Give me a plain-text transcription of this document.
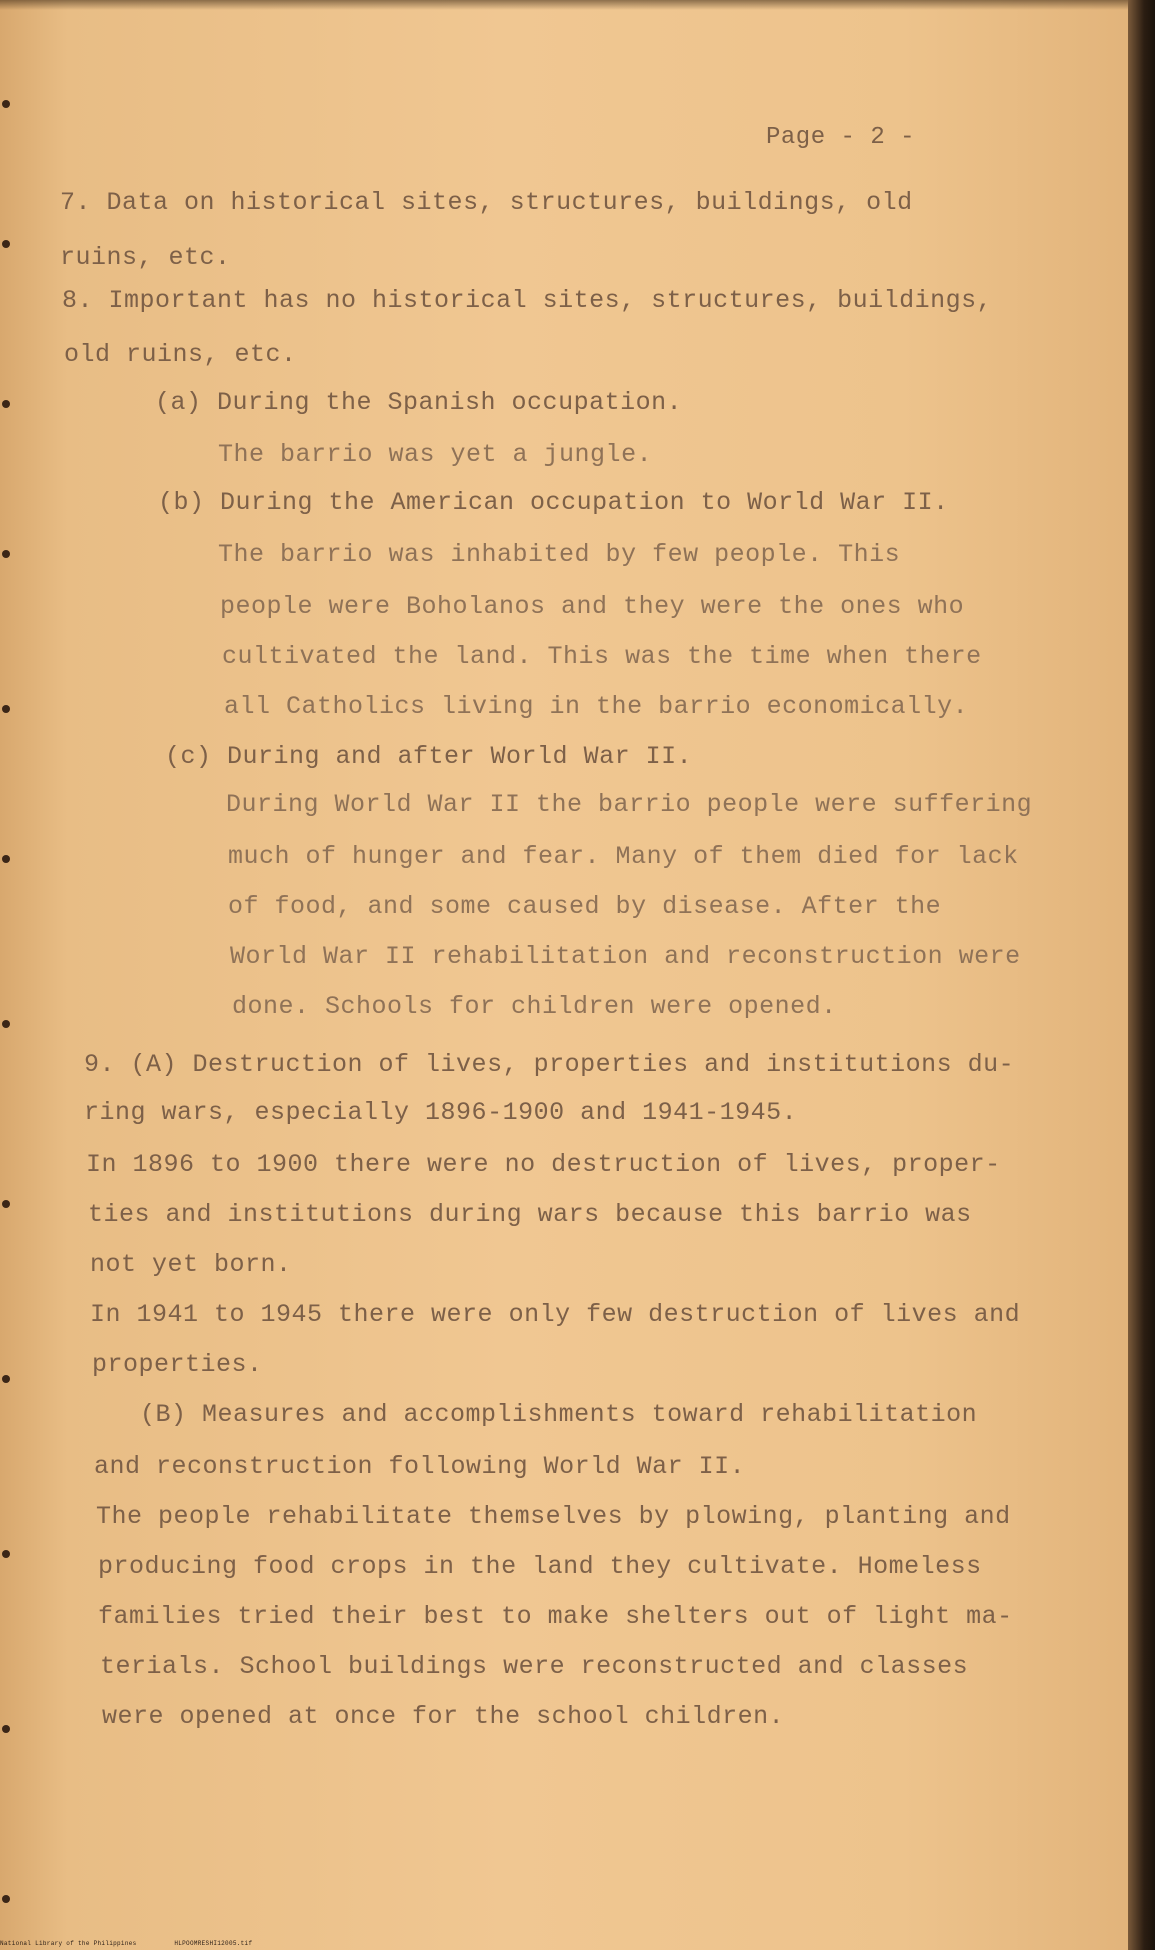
Page - 2 -
7. Data on historical sites, structures, buildings, old
ruins, etc.
8. Important has no historical sites, structures, buildings,
old ruins, etc.
(a) During the Spanish occupation.
The barrio was yet a jungle.
(b) During the American occupation to World War II.
The barrio was inhabited by few people. This
people were Boholanos and they were the ones who
cultivated the land. This was the time when there
all Catholics living in the barrio economically.
(c) During and after World War II.
During World War II the barrio people were suffering
much of hunger and fear. Many of them died for lack
of food, and some caused by disease. After the
World War II rehabilitation and reconstruction were
done. Schools for children were opened.
9. (A) Destruction of lives, properties and institutions du-
ring wars, especially 1896-1900 and 1941-1945.
In 1896 to 1900 there were no destruction of lives, proper-
ties and institutions during wars because this barrio was
not yet born.
In 1941 to 1945 there were only few destruction of lives and
properties.
(B) Measures and accomplishments toward rehabilitation
and reconstruction following World War II.
The people rehabilitate themselves by plowing, planting and
producing food crops in the land they cultivate. Homeless
families tried their best to make shelters out of light ma-
terials. School buildings were reconstructed and classes
were opened at once for the school children.
National Library of the Philippines	HLPOOMRESHI12005.tif
